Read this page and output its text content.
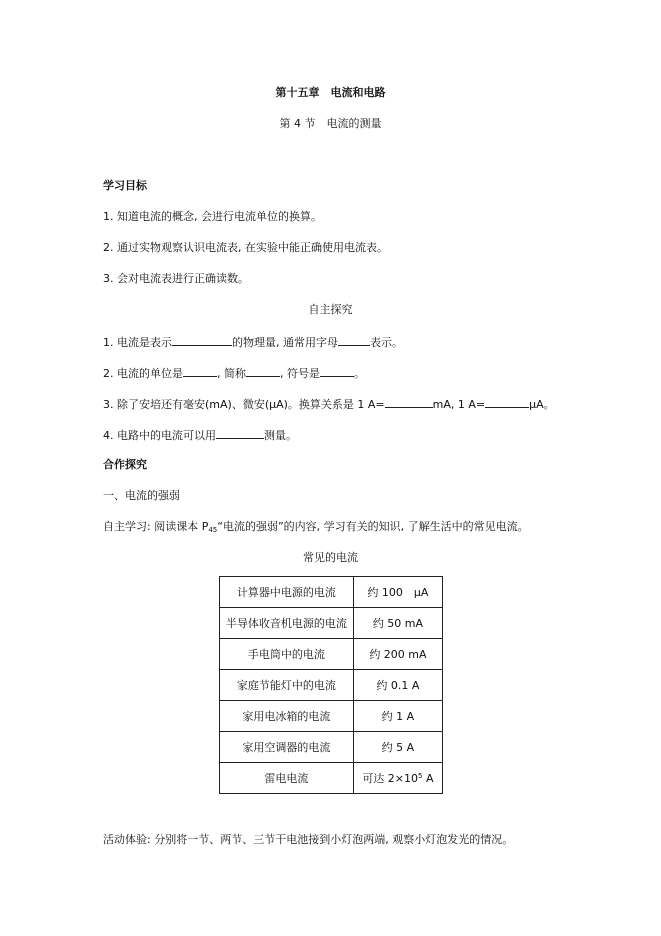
第十五章　电流和电路
第 4 节　电流的测量
学习目标
1. 知道电流的概念, 会进行电流单位的换算。
2. 通过实物观察认识电流表, 在实验中能正确使用电流表。
3. 会对电流表进行正确读数。
自主探究
1. 电流是表示	的物理量, 通常用字母	表示。
2. 电流的单位是	, 简称	, 符号是	。
3. 除了安培还有毫安(mA)、微安(μA)。换算关系是 1 A=	mA, 1 A=	μA。
4. 电路中的电流可以用	测量。
合作探究
一、电流的强弱
自主学习: 阅读课本 $P_{45}“$电流的强弱”的内容, 学习有关的知识, 了解生活中的常见电流。
常见的电流
计算器中电源的电流	约 100　μA
半导体收音机电源的电流	约 50 mA
手电筒中的电流	约 200 mA
家庭节能灯中的电流	约 0.1 A
家用电冰箱的电流	约 1 A
家用空调器的电流	约 5 A
雷电电流	可达 $2\times 10^5$ A
活动体验: 分别将一节、两节、三节干电池接到小灯泡两端, 观察小灯泡发光的情况。
